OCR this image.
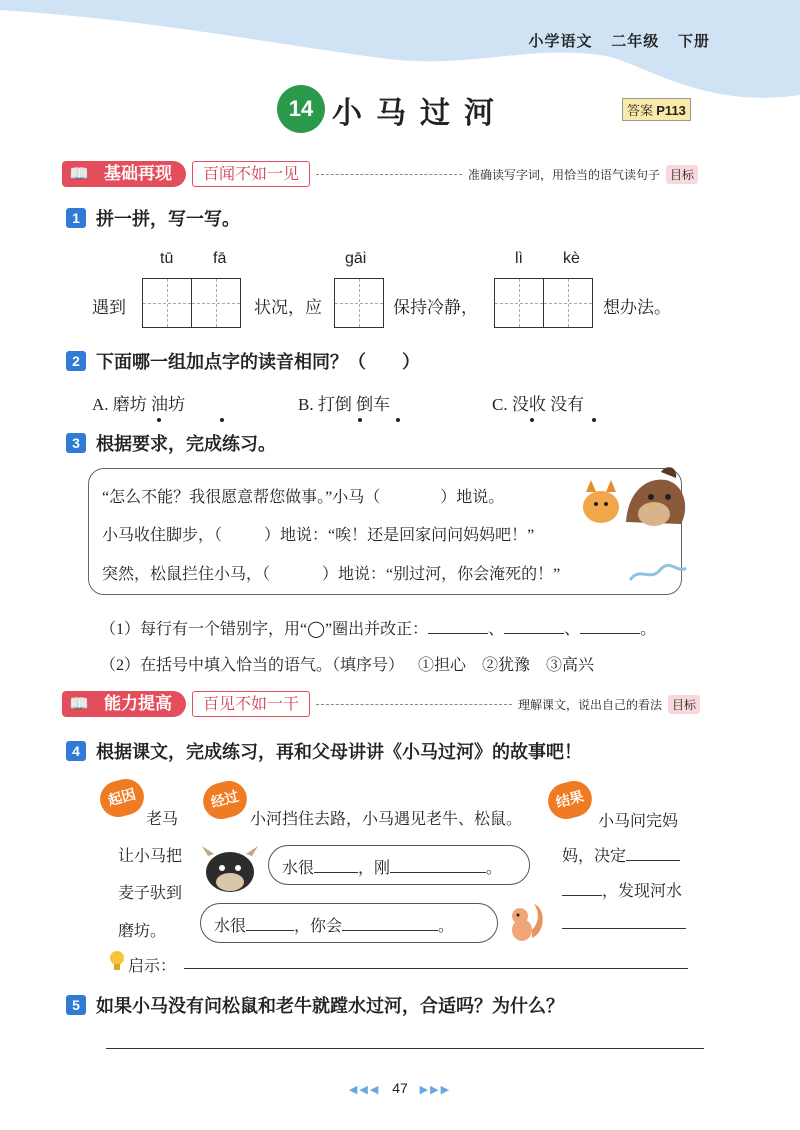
小学语文 二年级 下册
14 小马过河	答案 P113
📖 基础再现	百闻不如一见	准确读写字词，用恰当的语气读句子 目标
1 拼一拼，写一写。
tū fā	gāi	lì	kè
遇到	状况，应	保持冷静，	想办法。
2 下面哪一组加点字的读音相同？（　　）
A. 磨坊 油坊	B. 打倒 倒车	C. 没收 没有
3 根据要求，完成练习。
“怎么不能？我很愿意帮您做事。”小马（	）地说。
小马收住脚步，（	）地说：“唉！还是回家问问妈妈吧！”
突然，松鼠拦住小马，（	）地说：“别过河，你会淹死的！”
（1）每行有一个错别字，用“◯”圈出并改正：	、	、	。
（2）在括号中填入恰当的语气。（填序号） ①担心 ②犹豫 ③高兴
📖 能力提高	百见不如一干	理解课文，说出自己的看法 目标
4 根据课文，完成练习，再和父母讲讲《小马过河》的故事吧！
起因	经过	结果
老马
让小马把
麦子驮到
磨坊。
小河挡住去路，小马遇见老牛、松鼠。
水很	，刚	。
水很	，你会	。
小马问完妈
妈，决定
，发现河水
启示：
5 如果小马没有问松鼠和老牛就蹚水过河，合适吗？为什么？
◀◀◀ 47 ▶▶▶
